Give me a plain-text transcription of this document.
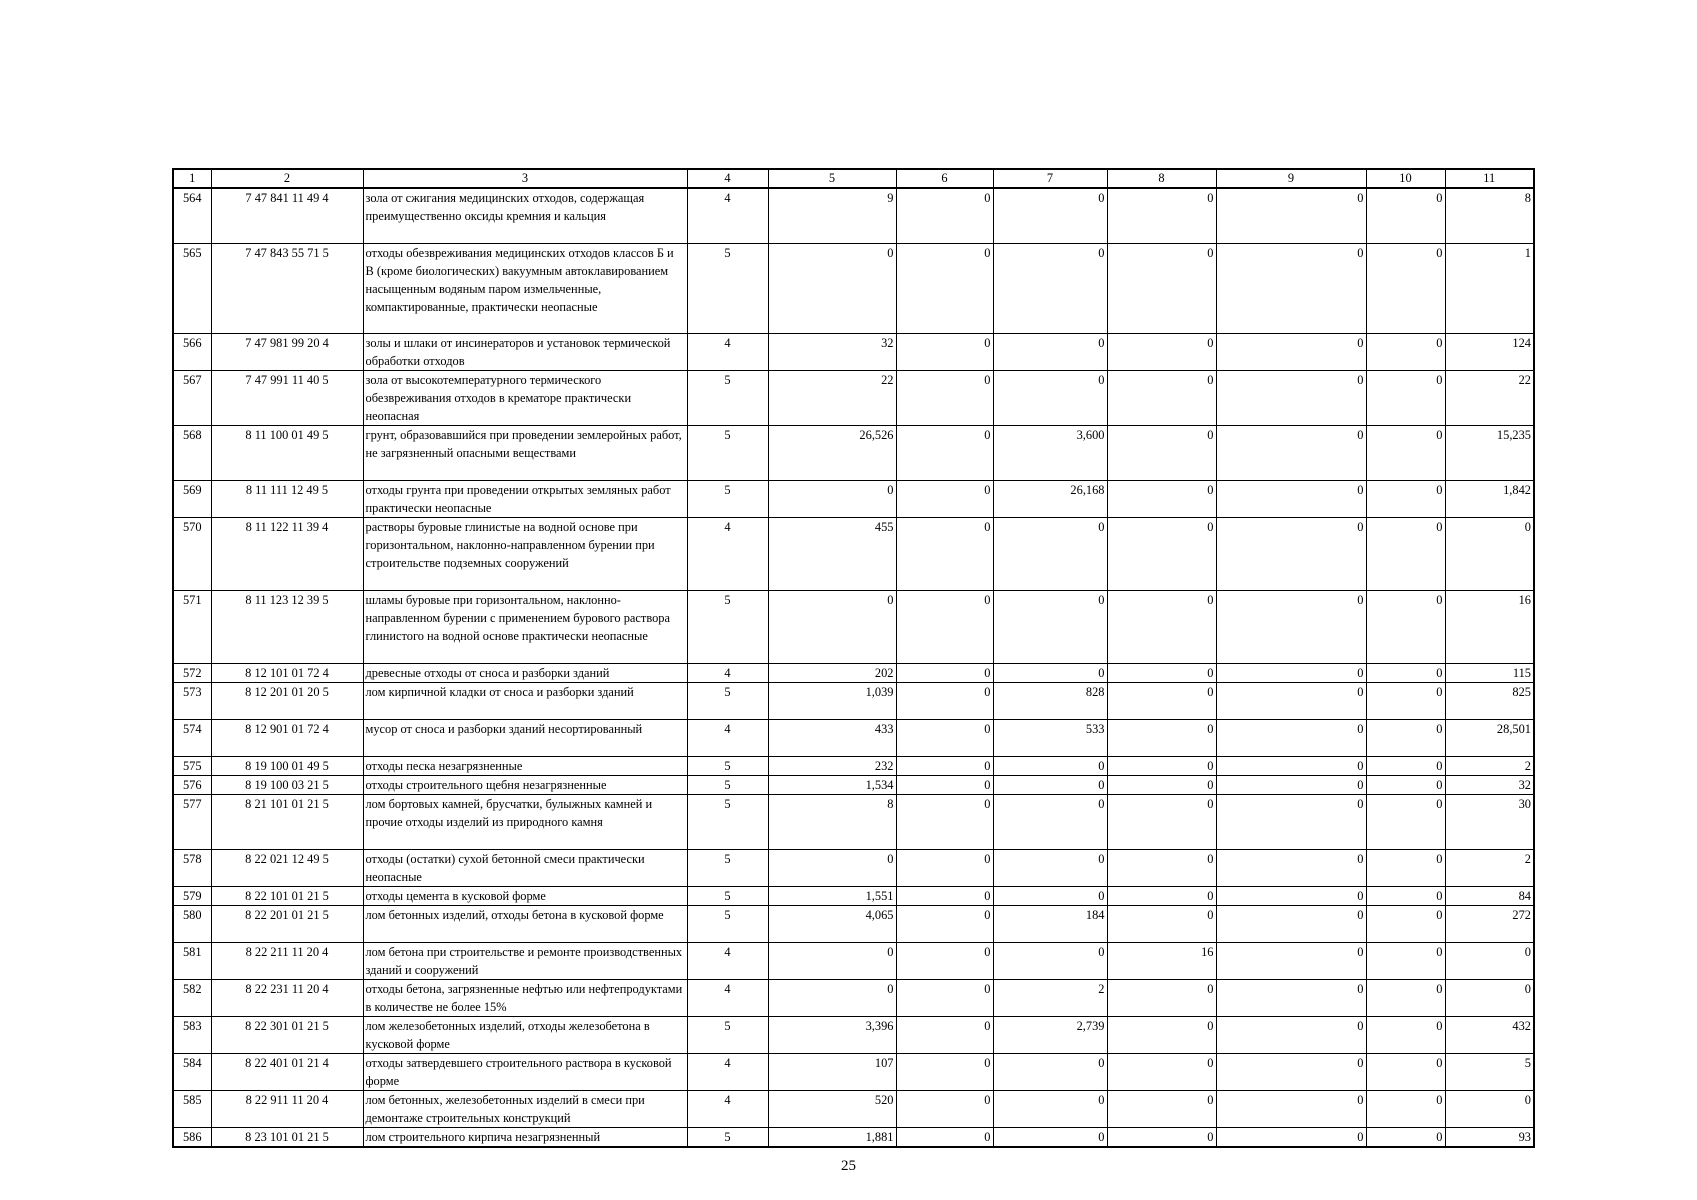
1	2	3	4	5	6	7	8	9	10	11
564	7 47 841 11 49 4	зола от сжигания медицинских отходов, содержащая преимущественно оксиды кремния и кальция	4	9	0	0	0	0	0	8
565	7 47 843 55 71 5	отходы обезвреживания медицинских отходов классов Б и В (кроме биологических) вакуумным автоклавированием насыщенным водяным паром измельченные, компактированные, практически неопасные	5	0	0	0	0	0	0	1
566	7 47 981 99 20 4	золы и шлаки от инсинераторов и установок термической обработки отходов	4	32	0	0	0	0	0	124
567	7 47 991 11 40 5	зола от высокотемпературного термического обезвреживания отходов в крематоре практически неопасная	5	22	0	0	0	0	0	22
568	8 11 100 01 49 5	грунт, образовавшийся при проведении землеройных работ, не загрязненный опасными веществами	5	26,526	0	3,600	0	0	0	15,235
569	8 11 111 12 49 5	отходы грунта при проведении открытых земляных работ практически неопасные	5	0	0	26,168	0	0	0	1,842
570	8 11 122 11 39 4	растворы буровые глинистые на водной основе при горизонтальном, наклонно-направленном бурении при строительстве подземных сооружений	4	455	0	0	0	0	0	0
571	8 11 123 12 39 5	шламы буровые при горизонтальном, наклонно-направленном бурении с применением бурового раствора глинистого на водной основе практически неопасные	5	0	0	0	0	0	0	16
572	8 12 101 01 72 4	древесные отходы от сноса и разборки зданий	4	202	0	0	0	0	0	115
573	8 12 201 01 20 5	лом кирпичной кладки от сноса и разборки зданий	5	1,039	0	828	0	0	0	825
574	8 12 901 01 72 4	мусор от сноса и разборки зданий несортированный	4	433	0	533	0	0	0	28,501
575	8 19 100 01 49 5	отходы песка незагрязненные	5	232	0	0	0	0	0	2
576	8 19 100 03 21 5	отходы строительного щебня незагрязненные	5	1,534	0	0	0	0	0	32
577	8 21 101 01 21 5	лом бортовых камней, брусчатки, булыжных камней и прочие отходы изделий из природного камня	5	8	0	0	0	0	0	30
578	8 22 021 12 49 5	отходы (остатки) сухой бетонной смеси практически неопасные	5	0	0	0	0	0	0	2
579	8 22 101 01 21 5	отходы цемента в кусковой форме	5	1,551	0	0	0	0	0	84
580	8 22 201 01 21 5	лом бетонных изделий, отходы бетона в кусковой форме	5	4,065	0	184	0	0	0	272
581	8 22 211 11 20 4	лом бетона при строительстве и ремонте производственных зданий и сооружений	4	0	0	0	16	0	0	0
582	8 22 231 11 20 4	отходы бетона, загрязненные нефтью или нефтепродуктами в количестве не более 15%	4	0	0	2	0	0	0	0
583	8 22 301 01 21 5	лом железобетонных изделий, отходы железобетона в кусковой форме	5	3,396	0	2,739	0	0	0	432
584	8 22 401 01 21 4	отходы затвердевшего строительного раствора в кусковой форме	4	107	0	0	0	0	0	5
585	8 22 911 11 20 4	лом бетонных, железобетонных изделий в смеси при демонтаже строительных конструкций	4	520	0	0	0	0	0	0
586	8 23 101 01 21 5	лом строительного кирпича незагрязненный	5	1,881	0	0	0	0	0	93
25
